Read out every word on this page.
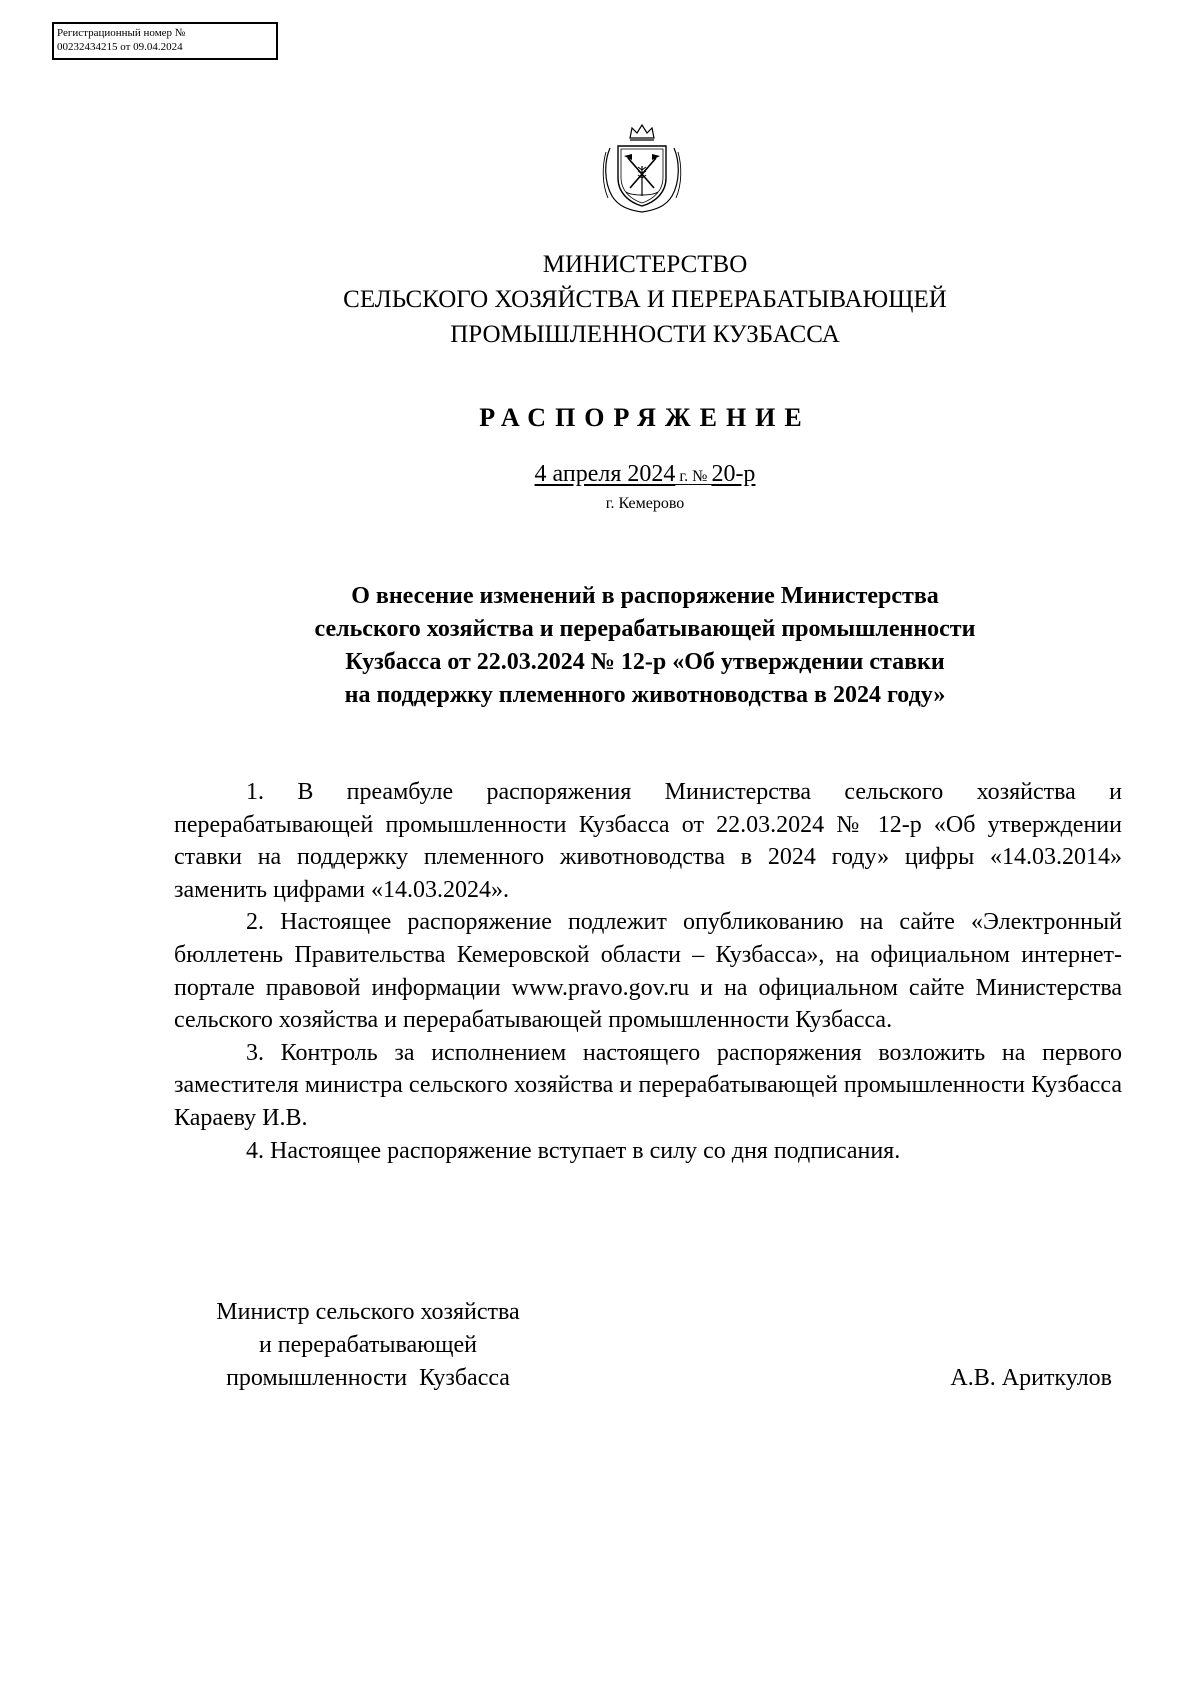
Регистрационный номер №
00232434215 от 09.04.2024
МИНИСТЕРСТВО
СЕЛЬСКОГО ХОЗЯЙСТВА И ПЕРЕРАБАТЫВАЮЩЕЙ
ПРОМЫШЛЕННОСТИ КУЗБАССА
РАСПОРЯЖЕНИЕ
4 апреля 2024 г. № 20-р
г. Кемерово
О внесение изменений в распоряжение Министерства
сельского хозяйства и перерабатывающей промышленности
Кузбасса от 22.03.2024 № 12-р «Об утверждении ставки
на поддержку племенного животноводства в 2024 году»

1. В преамбуле распоряжения Министерства сельского хозяйства и перерабатывающей промышленности Кузбасса от 22.03.2024 № 12-р «Об утверждении ставки на поддержку племенного животноводства в 2024 году» цифры «14.03.2014» заменить цифрами «14.03.2024».

2. Настоящее распоряжение подлежит опубликованию на сайте «Электронный бюллетень Правительства Кемеровской области – Кузбасса», на официальном интернет-портале правовой информации www.pravo.gov.ru и на официальном сайте Министерства сельского хозяйства и перерабатывающей промышленности Кузбасса.

3. Контроль за исполнением настоящего распоряжения возложить на первого заместителя министра сельского хозяйства и перерабатывающей промышленности Кузбасса Караеву И.В.

4. Настоящее распоряжение вступает в силу со дня подписания.

Министр сельского хозяйства
и перерабатывающей
промышленности  Кузбасса	А.В. Ариткулов
